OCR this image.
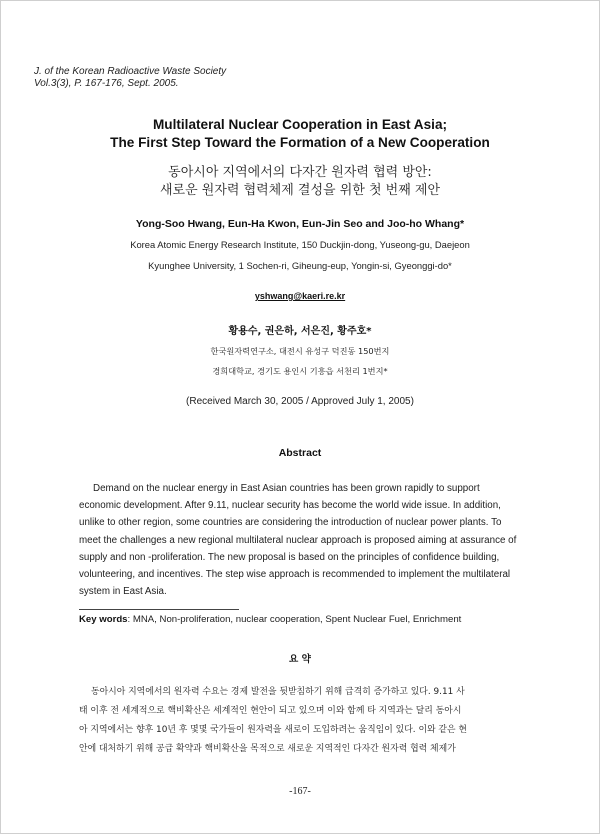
J. of the Korean Radioactive Waste Society
Vol.3(3), P. 167-176, Sept. 2005.
Multilateral Nuclear Cooperation in East Asia;
The First Step Toward the Formation of a New Cooperation
동아시아 지역에서의 다자간 원자력 협력 방안:
새로운 원자력 협력체제 결성을 위한 첫 번째 제안
Yong-Soo Hwang, Eun-Ha Kwon, Eun-Jin Seo and Joo-ho Whang*
Korea Atomic Energy Research Institute, 150 Duckjin-dong, Yuseong-gu, Daejeon
Kyunghee University, 1 Sochen-ri, Giheung-eup, Yongin-si, Gyeonggi-do*
yshwang@kaeri.re.kr
황용수, 권은하, 서은진, 황주호*
한국원자력연구소, 대전시 유성구 덕진동 150번지
경희대학교, 경기도 용인시 기흥읍 서천리 1번지*
(Received March 30, 2005 / Approved July 1, 2005)
Abstract
Demand on the nuclear energy in East Asian countries has been grown rapidly to support
economic development. After 9.11, nuclear security has become the world wide issue. In addition,
unlike to other region, some countries are considering the introduction of nuclear power plants. To
meet the challenges a new regional multilateral nuclear approach is proposed aiming at assurance of
supply and non -proliferation. The new proposal is based on the principles of confidence building,
volunteering, and incentives. The step wise approach is recommended to implement the multilateral
system in East Asia.
Key words: MNA, Non-proliferation, nuclear cooperation, Spent Nuclear Fuel, Enrichment
요 약
동아시아 지역에서의 원자력 수요는 경제 발전을 뒷받침하기 위해 급격히 증가하고 있다. 9.11 사
태 이후 전 세계적으로 핵비확산은 세계적인 현안이 되고 있으며 이와 함께 타 지역과는 달리 동아시
아 지역에서는 향후 10년 후 몇몇 국가들이 원자력을 새로이 도입하려는 움직임이 있다. 이와 같은 현
안에 대처하기 위해 공급 확약과 핵비확산을 목적으로 새로운 지역적인 다자간 원자력 협력 체제가
-167-
